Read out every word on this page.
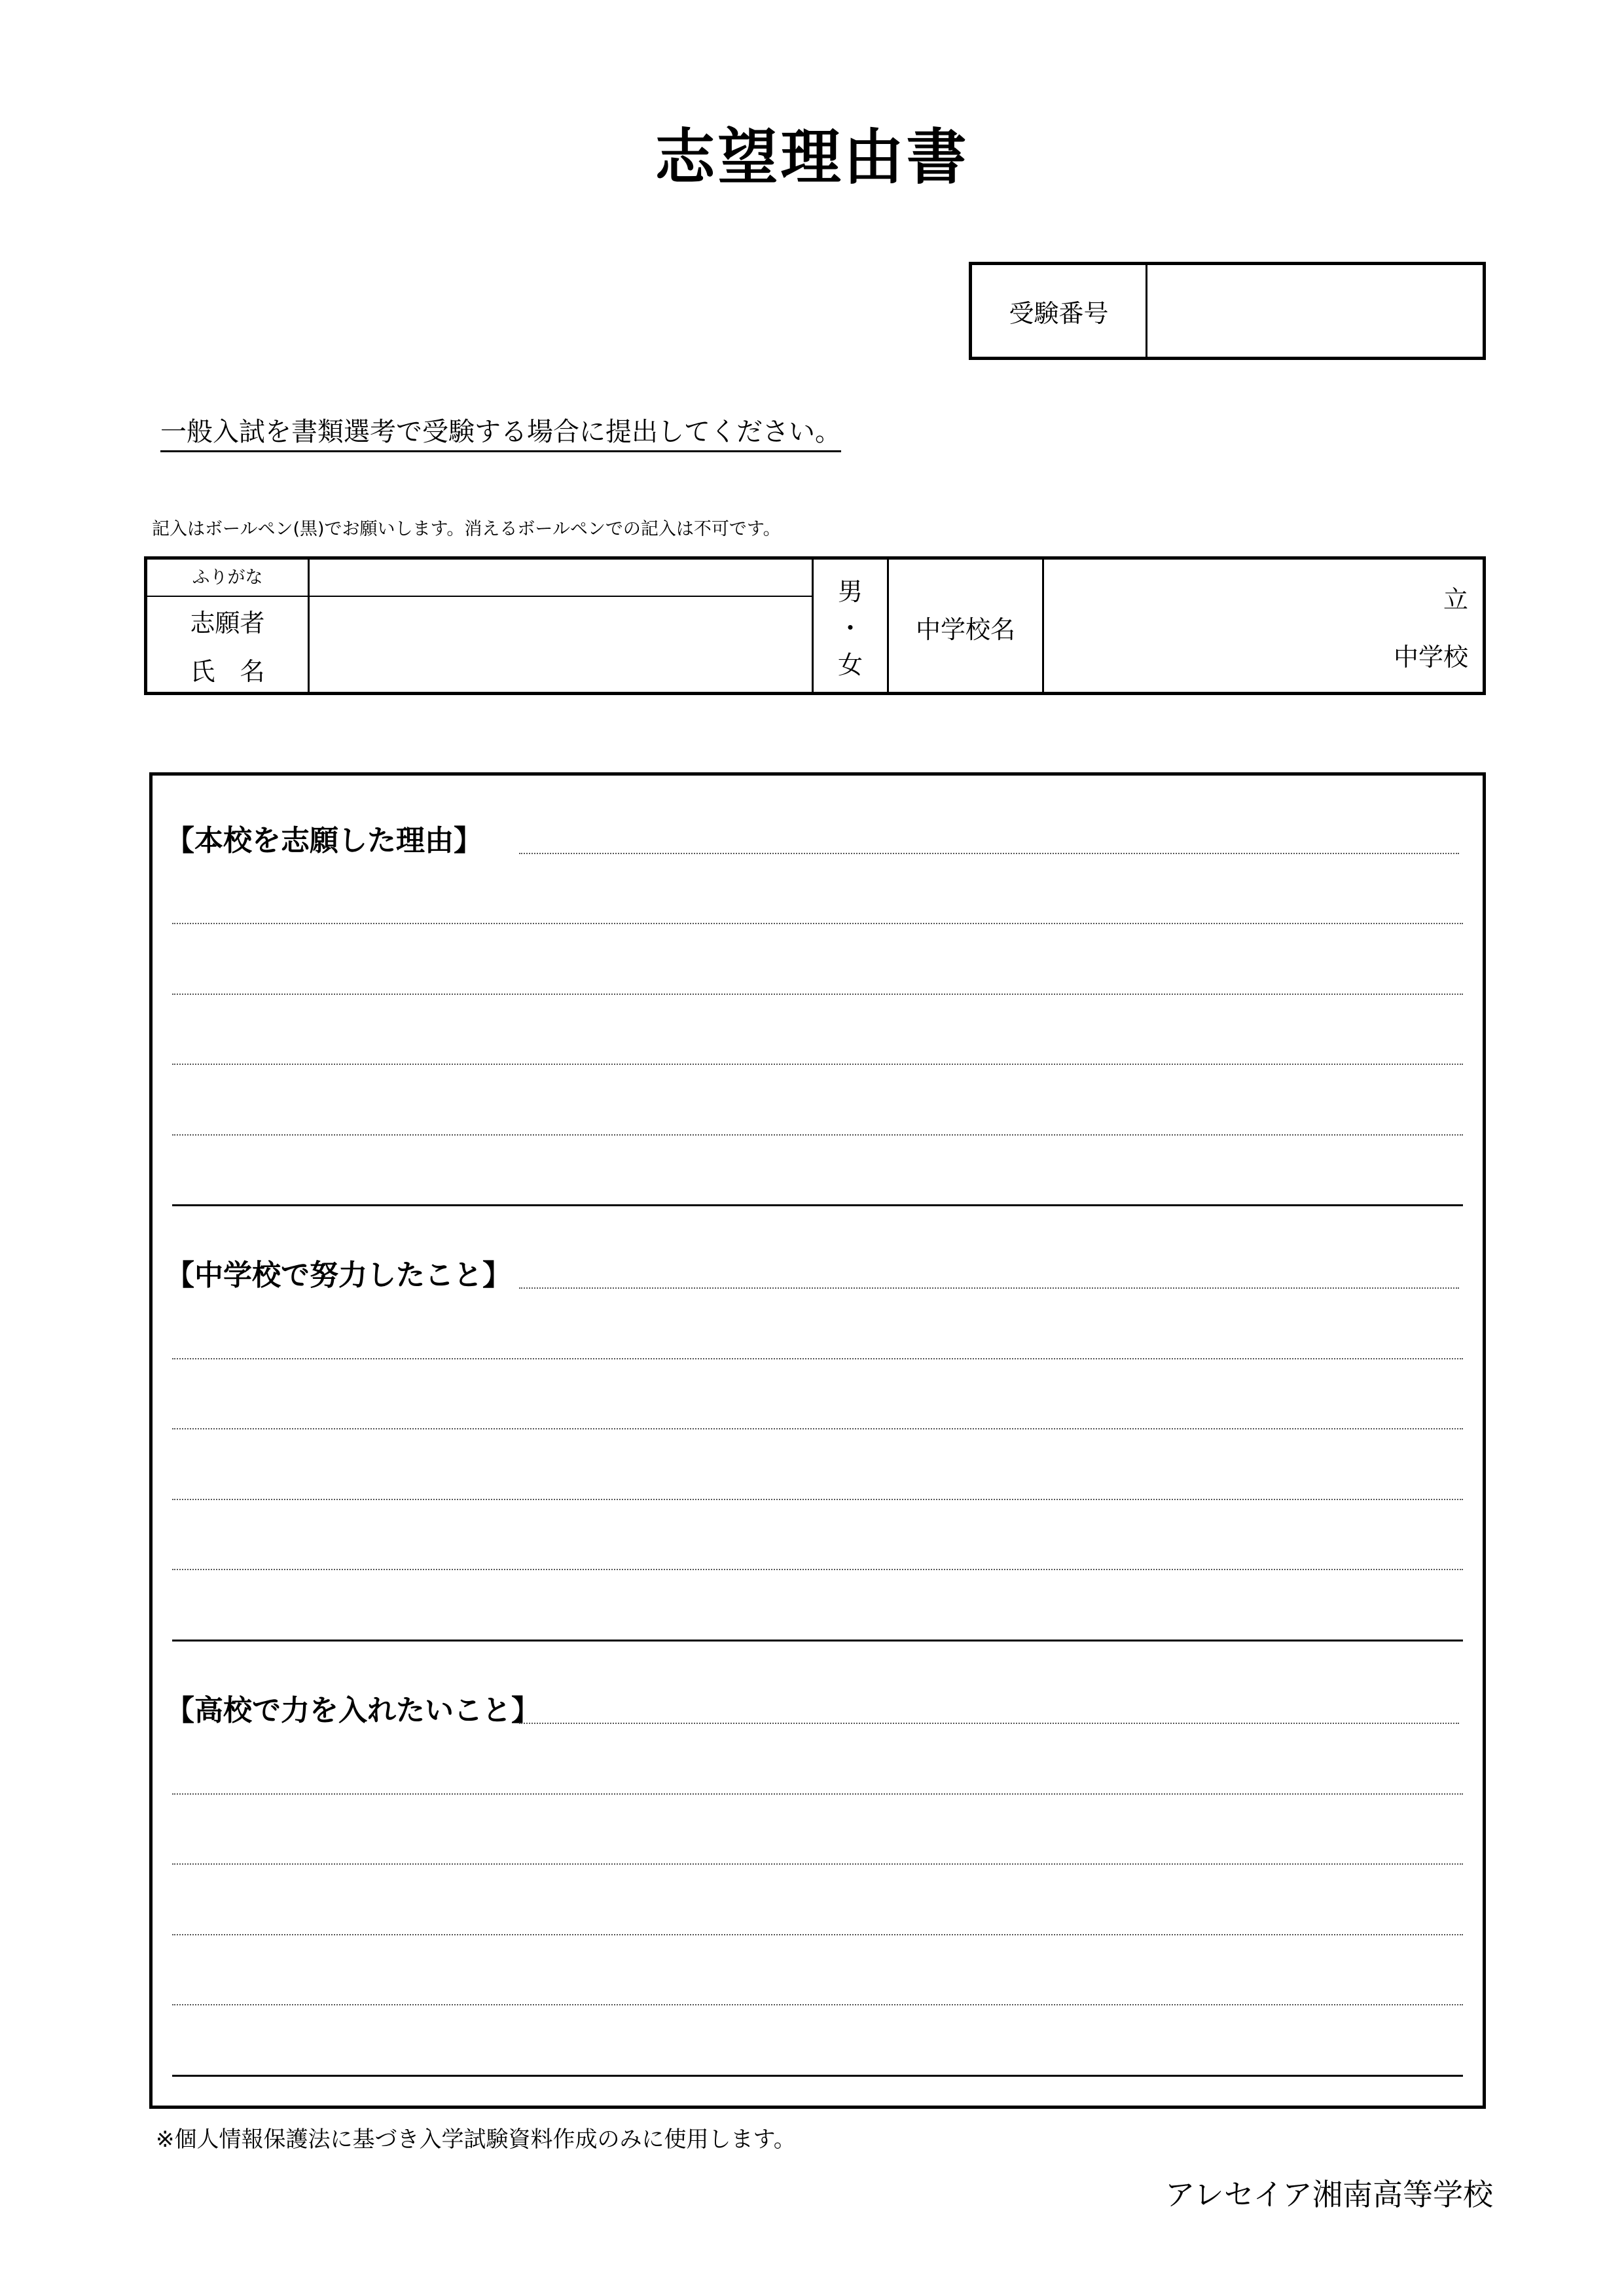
志望理由書
受験番号
一般入試を書類選考で受験する場合に提出してください。
記入はボールペン(黒)でお願いします。消えるボールペンでの記入は不可です。
ふりがな
志願者
氏　名
男
・
女
中学校名
立
中学校
【本校を志願した理由】
【中学校で努力したこと】
【高校で力を入れたいこと】
※個人情報保護法に基づき入学試験資料作成のみに使用します。
アレセイア湘南高等学校
